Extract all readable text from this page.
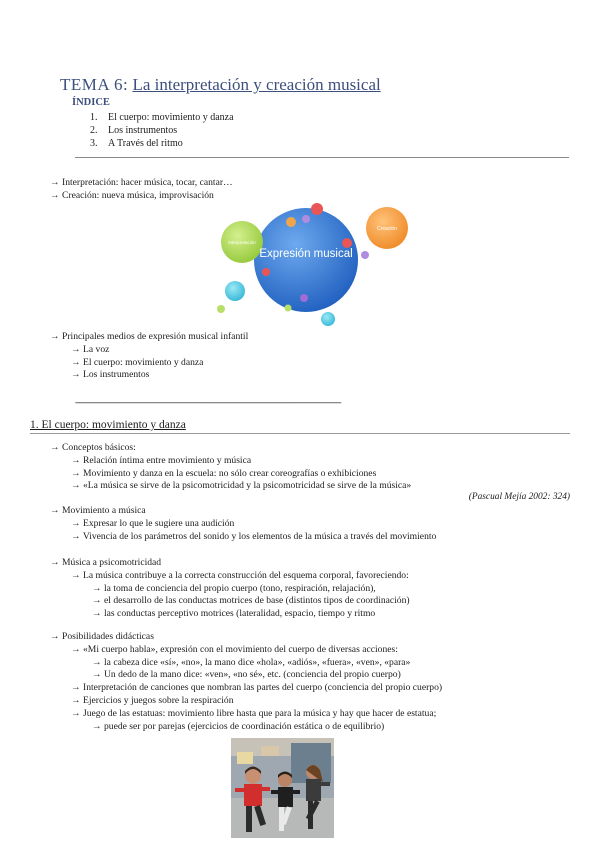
TEMA 6: La interpretación y creación musical
ÍNDICE
1. El cuerpo: movimiento y danza
2. Los instrumentos
3. A Través del ritmo
→ Interpretación: hacer música, tocar, cantar…
→ Creación: nueva música, improvisación
Expresión musical
Interpretación
Creación
→ Principales medios de expresión musical infantil
→ La voz
→ El cuerpo: movimiento y danza
→ Los instrumentos
-------------------------------------------------------------------------------------------------------------------------------------
1. El cuerpo: movimiento y danza
→ Conceptos básicos:
→ Relación íntima entre movimiento y música
→ Movimiento y danza en la escuela: no sólo crear coreografías o exhibiciones
→ «La música se sirve de la psicomotricidad y la psicomotricidad se sirve de la música»
(Pascual Mejía 2002: 324)
→ Movimiento a música
→ Expresar lo que le sugiere una audición
→ Vivencia de los parámetros del sonido y los elementos de la música a través del movimiento
→ Música a psicomotricidad
→ La música contribuye a la correcta construcción del esquema corporal, favoreciendo:
→ la toma de conciencia del propio cuerpo (tono, respiración, relajación),
→ el desarrollo de las conductas motrices de base (distintos tipos de coordinación)
→ las conductas perceptivo motrices (lateralidad, espacio, tiempo y ritmo
→ Posibilidades didácticas
→ «Mi cuerpo habla», expresión con el movimiento del cuerpo de diversas acciones:
→ la cabeza dice «sí», «no», la mano dice «hola», «adiós», «fuera», «ven», «para»
→ Un dedo de la mano dice: «ven», «no sé», etc. (conciencia del propio cuerpo)
→ Interpretación de canciones que nombran las partes del cuerpo (conciencia del propio cuerpo)
→ Ejercicios y juegos sobre la respiración
→ Juego de las estatuas: movimiento libre hasta que para la música y hay que hacer de estatua;
→ puede ser por parejas (ejercicios de coordinación estática o de equilibrio)
